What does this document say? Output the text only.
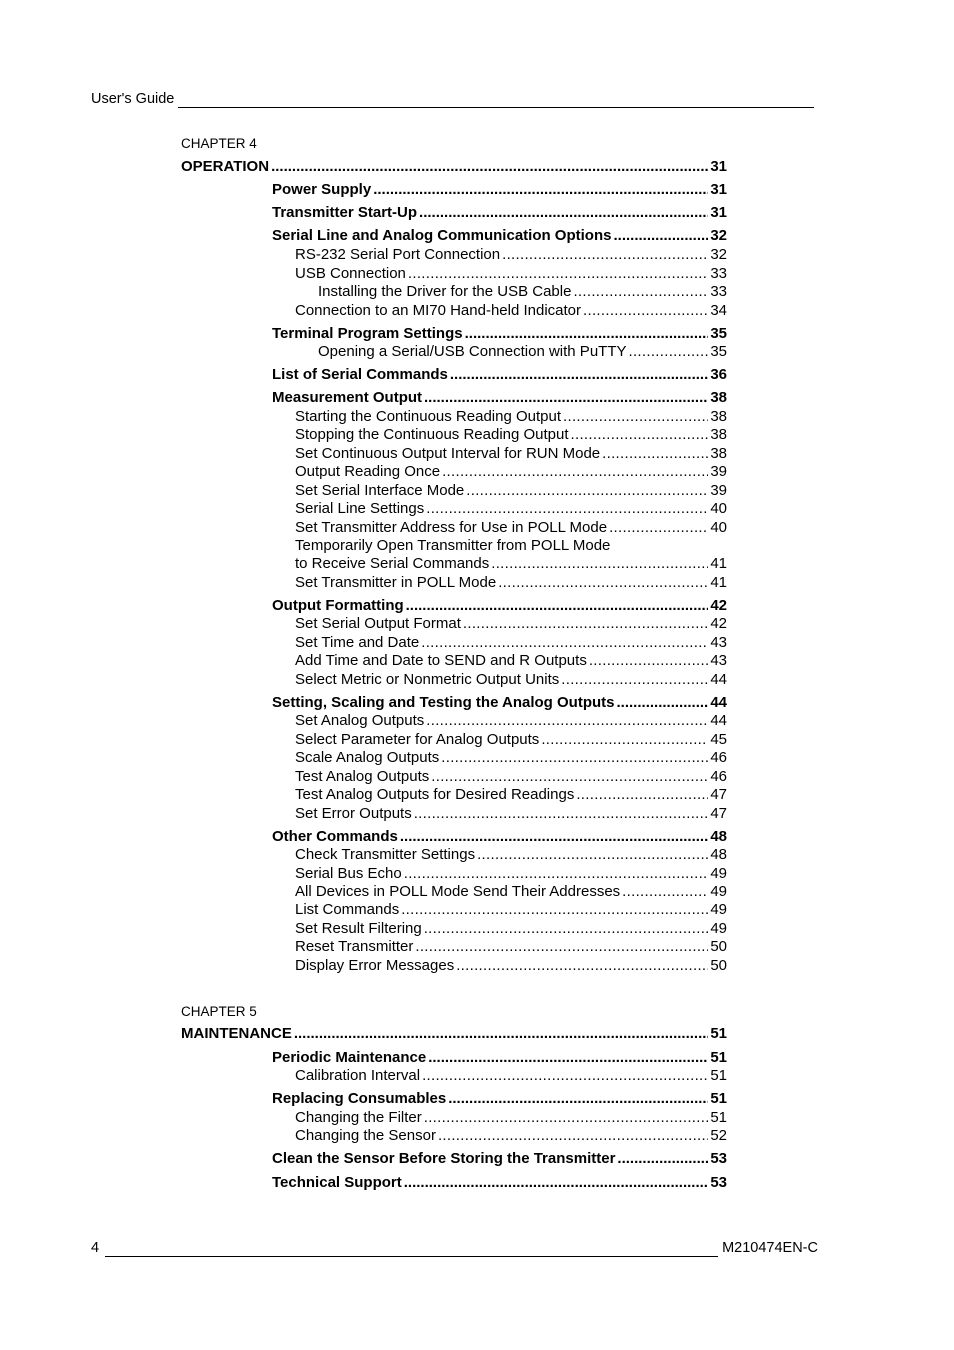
User's Guide
CHAPTER 4
OPERATION .....	31
Power Supply .....	31
Transmitter Start-Up .....	31
Serial Line and Analog Communication Options .....	32
RS-232 Serial Port Connection .....	32
USB Connection .....	33
Installing the Driver for the USB Cable .....	33
Connection to an MI70 Hand-held Indicator .....	34
Terminal Program Settings .....	35
Opening a Serial/USB Connection with PuTTY .....	35
List of Serial Commands .....	36
Measurement Output .....	38
Starting the Continuous Reading Output .....	38
Stopping the Continuous Reading Output .....	38
Set Continuous Output Interval for RUN Mode .....	38
Output Reading Once .....	39
Set Serial Interface Mode .....	39
Serial Line Settings .....	40
Set Transmitter Address for Use in POLL Mode .....	40
Temporarily Open Transmitter from POLL Mode
to Receive Serial Commands .....	41
Set Transmitter in POLL Mode .....	41
Output Formatting .....	42
Set Serial Output Format .....	42
Set Time and Date .....	43
Add Time and Date to SEND and R Outputs .....	43
Select Metric or Nonmetric Output Units .....	44
Setting, Scaling and Testing the Analog Outputs .....	44
Set Analog Outputs .....	44
Select Parameter for Analog Outputs .....	45
Scale Analog Outputs .....	46
Test Analog Outputs .....	46
Test Analog Outputs for Desired Readings .....	47
Set Error Outputs .....	47
Other Commands .....	48
Check Transmitter Settings .....	48
Serial Bus Echo .....	49
All Devices in POLL Mode Send Their Addresses .....	49
List Commands .....	49
Set Result Filtering .....	49
Reset Transmitter .....	50
Display Error Messages .....	50
CHAPTER 5
MAINTENANCE .....	51
Periodic Maintenance .....	51
Calibration Interval .....	51
Replacing Consumables .....	51
Changing the Filter .....	51
Changing the Sensor .....	52
Clean the Sensor Before Storing the Transmitter .....	53
Technical Support .....	53
4	M210474EN-C
